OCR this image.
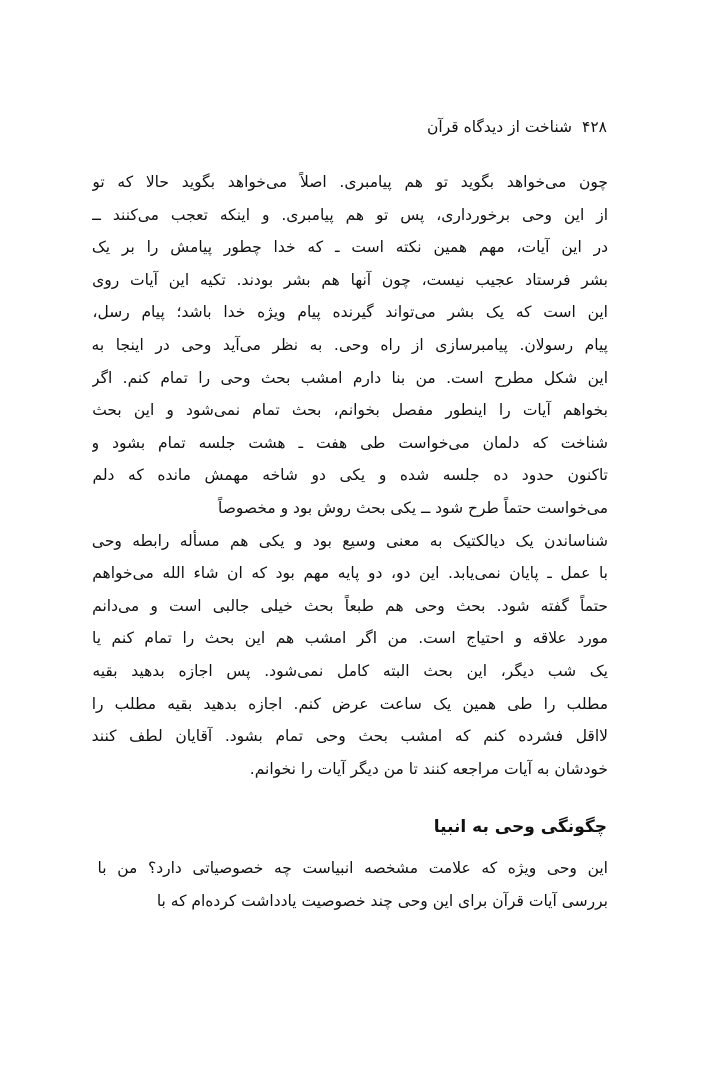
۴۲۸
شناخت از دیدگاه قرآن
چون می‌خواهد بگوید تو هم پیامبری. اصلاً می‌خواهد بگوید حالا که تو
از این وحی برخورداری، پس تو هم پیامبری. و اینکه تعجب می‌کنند ــ
در این آیات، مهم همین نکته است ـ که خدا چطور پیامش را بر یک
بشر فرستاد عجیب نیست، چون آنها هم بشر بودند. تکیه این آیات روی
این است که یک بشر می‌تواند گیرنده پیام ویژه خدا باشد؛ پیام رسل،
پیام رسولان. پیامبرسازی از راه وحی. به نظر می‌آید وحی در اینجا به
این شکل مطرح است. من بنا دارم امشب بحث وحی را تمام کنم. اگر
بخواهم آیات را اینطور مفصل بخوانم، بحث تمام نمی‌شود و این بحث
شناخت که دلمان می‌خواست طی هفت ـ هشت جلسه تمام بشود و
تاکنون حدود ده جلسه شده و یکی دو شاخه مهمش مانده که دلم
می‌خواست حتماً طرح شود ــ یکی بحث روش بود و مخصوصاً
شناساندن یک دیالکتیک به معنی وسیع بود و یکی هم مسأله رابطه وحی
با عمل ـ پایان نمی‌یابد. این دو، دو پایه مهم بود که ان شاء الله می‌خواهم
حتماً گفته شود. بحث وحی هم طبعاً بحث خیلی جالبی است و می‌دانم
مورد علاقه و احتیاج است. من اگر امشب هم این بحث را تمام کنم یا
یک شب دیگر، این بحث البته کامل نمی‌شود. پس اجازه بدهید بقیه
مطلب را طی همین یک ساعت عرض کنم. اجازه بدهید بقیه مطلب را
لااقل فشرده کنم که امشب بحث وحی تمام بشود. آقایان لطف کنند
خودشان به آیات مراجعه کنند تا من دیگر آیات را نخوانم.
چگونگی وحی به انبیا
این وحی ویژه که علامت مشخصه انبیاست چه خصوصیاتی دارد؟ من با
بررسی آیات قرآن برای این وحی چند خصوصیت یادداشت کرده‌ام که با
